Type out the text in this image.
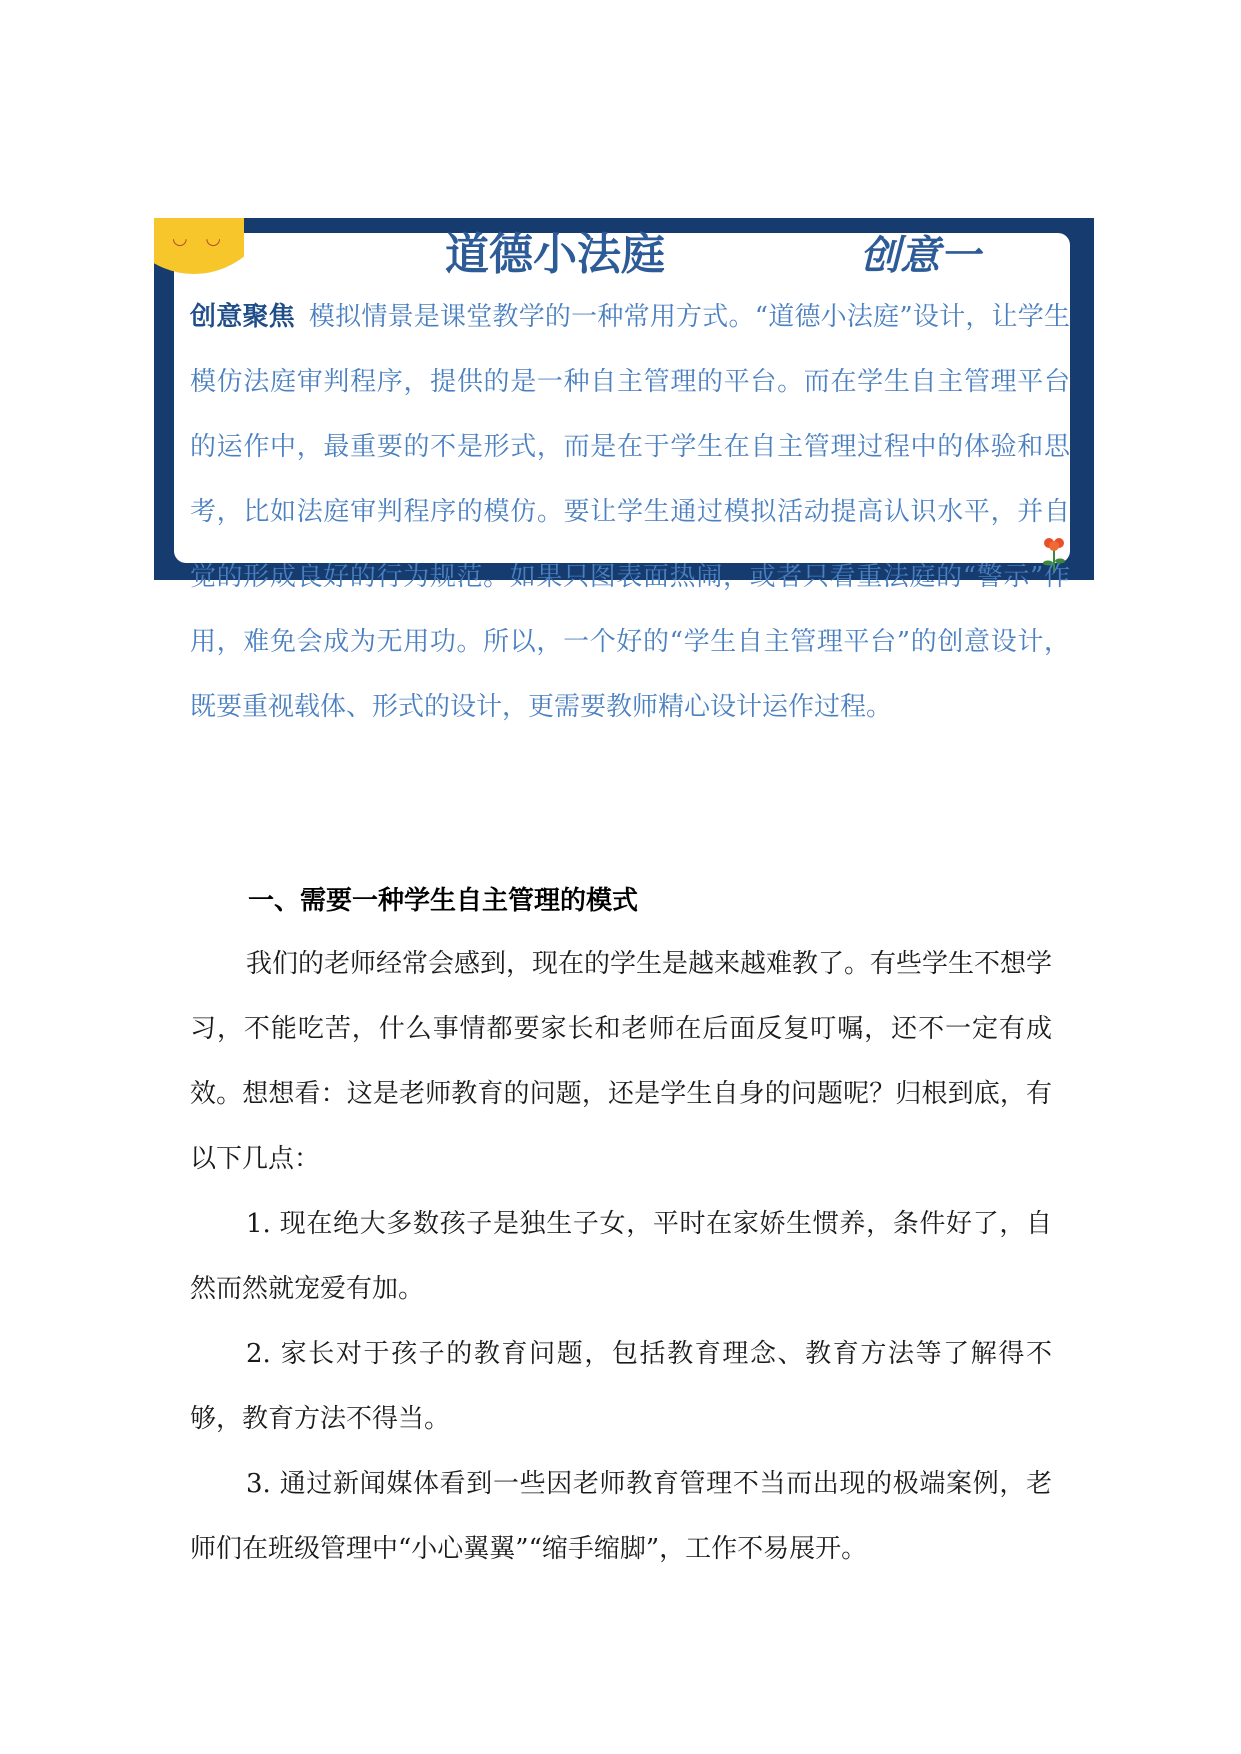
◡ ◡	道德小法庭	创意一
创意聚焦 模拟情景是课堂教学的一种常用方式。“道德小法庭”设计，让学生模仿法庭审判程序，提供的是一种自主管理的平台。而在学生自主管理平台的运作中，最重要的不是形式，而是在于学生在自主管理过程中的体验和思考，比如法庭审判程序的模仿。要让学生通过模拟活动提高认识水平，并自觉的形成良好的行为规范。如果只图表面热闹，或者只看重法庭的“警示”作用，难免会成为无用功。所以，一个好的“学生自主管理平台”的创意设计，既要重视载体、形式的设计，更需要教师精心设计运作过程。
一、需要一种学生自主管理的模式

我们的老师经常会感到，现在的学生是越来越难教了。有些学生不想学习，不能吃苦，什么事情都要家长和老师在后面反复叮嘱，还不一定有成效。想想看：这是老师教育的问题，还是学生自身的问题呢？归根到底，有以下几点：

1. 现在绝大多数孩子是独生子女，平时在家娇生惯养，条件好了，自然而然就宠爱有加。

2. 家长对于孩子的教育问题，包括教育理念、教育方法等了解得不够，教育方法不得当。

3. 通过新闻媒体看到一些因老师教育管理不当而出现的极端案例，老师们在班级管理中“小心翼翼”“缩手缩脚”，工作不易展开。
